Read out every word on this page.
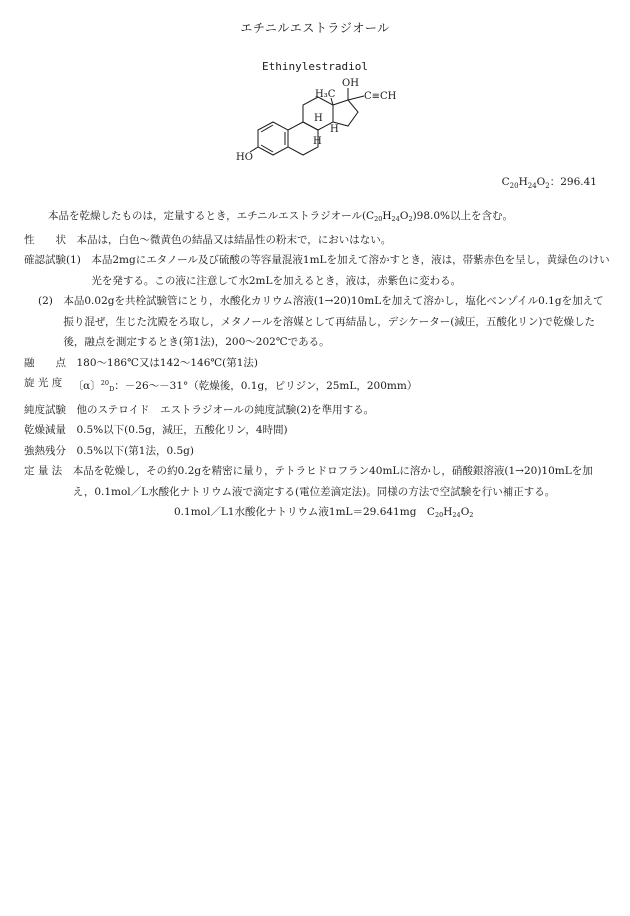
エチニルエストラジオール
Ethinylestradiol
OH
H₃C	C≡CH
H
H
H
HO
$C_{20}H_{24}O_2$：296.41

本品を乾燥したものは，定量するとき，エチニルエストラジオール$(C_{20}H_{24}O_2)98.0\%$以上を含む。

性　　状　 本品は，白色～微黄色の結晶又は結晶性の粉末で，においはない。
確認試験(1)　 本品2mgにエタノール及び硫酸の等容量混液1mLを加えて溶かすとき，液は，帯紫赤色を呈し，黄緑色のけい光を発する。この液に注意して水2mLを加えるとき，液は，赤紫色に変わる。
(2)　 本品0.02gを共栓試験管にとり，水酸化カリウム溶液(1→20)10mLを加えて溶かし，塩化ベンゾイル0.1gを加えて振り混ぜ，生じた沈殿をろ取し，メタノールを溶媒として再結晶し，デシケーター(減圧，五酸化リン)で乾燥した後，融点を測定するとき(第1法)，200～202℃である。
融　　点　 180～186℃又は142～146℃(第1法)
旋 光 度　 〔α〕$^{20}_D$：－26～－31°（乾燥後，0.1g，ピリジン，25mL，200mm）
純度試験　 他のステロイド　エストラジオールの純度試験(2)を準用する。
乾燥減量　 0.5%以下(0.5g，減圧，五酸化リン，4時間)
強熱残分　 0.5%以下(第1法，0.5g)
定 量 法　 本品を乾燥し，その約0.2gを精密に量り，テトラヒドロフラン40mLに溶かし，硝酸銀溶液(1→20)10mLを加え，0.1mol／L水酸化ナトリウム液で滴定する(電位差滴定法)。同様の方法で空試験を行い補正する。
0.1mol／L1水酸化ナトリウム液1mL＝29.641mg　$C_{20}H_{24}O_2$
